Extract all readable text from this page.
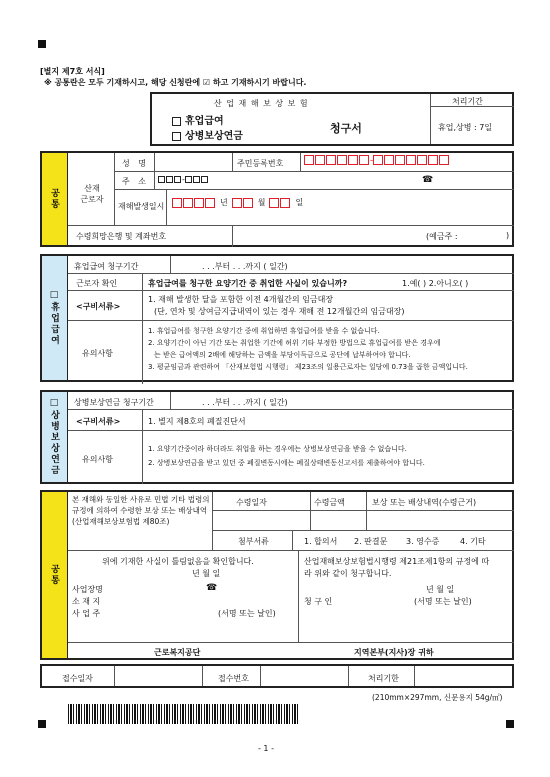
[별지 제7호 서식]
※ 공통란은 모두 기재하시고, 해당 신청란에 ☑ 하고 기재하시기 바랍니다.
산 업 재 해 보 상 보 험
휴업급여
상병보상연금
청구서
처리기간
휴업,상병 : 7일
공통	산재
근로자
성 명	주민등록번호	-
주 소	-	☎
재해발생일시	년	월	일
수령희망은행 및 계좌번호	(예금주 :	)
□휴업급여
휴업급여 청구기간	. . .부터 . . .까지 ( 일간)
근로자 확인	휴업급여를 청구한 요양기간 중 취업한 사실이 있습니까?	1.예( ) 2.아니오( )
<구비서류>
1. 재해 발생한 달을 포함한 이전 4개월간의 임금대장
(단, 연차 및 상여금지급내역이 있는 경우 재해 전 12개월간의 임금대장)
유의사항
1. 휴업급여를 청구한 요양기간 중에 취업하면 휴업급여를 받을 수 없습니다.
2. 요양기간이 아닌 기간 또는 취업한 기간에 허위 기타 부정한 방법으로 휴업급여를 받은 경우에
는 받은 급여액의 2배에 해당하는 금액을 부당이득금으로 공단에 납부하여야 합니다.
3. 평균임금과 관련하여 「산재보험법 시행령」 제23조의 일용근로자는 일당에 0.73을 곱한 금액입니다.
□상병보상연금	상병보상연금 청구기간	. . .부터 . . .까지 ( 일간)
<구비서류>	1. 별지 제8호의 폐질진단서
유의사항
1. 요양기간중이라 하더라도 취업을 하는 경우에는 상병보상연금을 받을 수 없습니다.
2. 상병보상연금을 받고 있던 중 폐질변동시에는 폐질상태변동신고서를 제출하여야 합니다.
공통
본 재해와 동일한 사유로 민법 기타 법령의 규정에 의하여 수령한 보상 또는 배상내역(산업재해보상보험법 제80조)
수령일자	수령금액	보상 또는 배상내역(수령근거)
첨부서류	1. 합의서 2. 판결문 3. 영수증	4. 기타
위에 기재한 사실이 틀림없음을 확인합니다.
년 월 일
사업장명	☎
소 재 지
사 업 주	(서명 또는 날인)
산업재해보상보험법시행령 제21조제1항의 규정에 따
라 위와 같이 청구합니다.
년 월 일
청 구 인	(서명 또는 날인)
근로복지공단	지역본부(지사)장 귀하
접수일자	접수번호	처리기한
(210mm×297mm, 신문용지 54g/㎡)
- 1 -
